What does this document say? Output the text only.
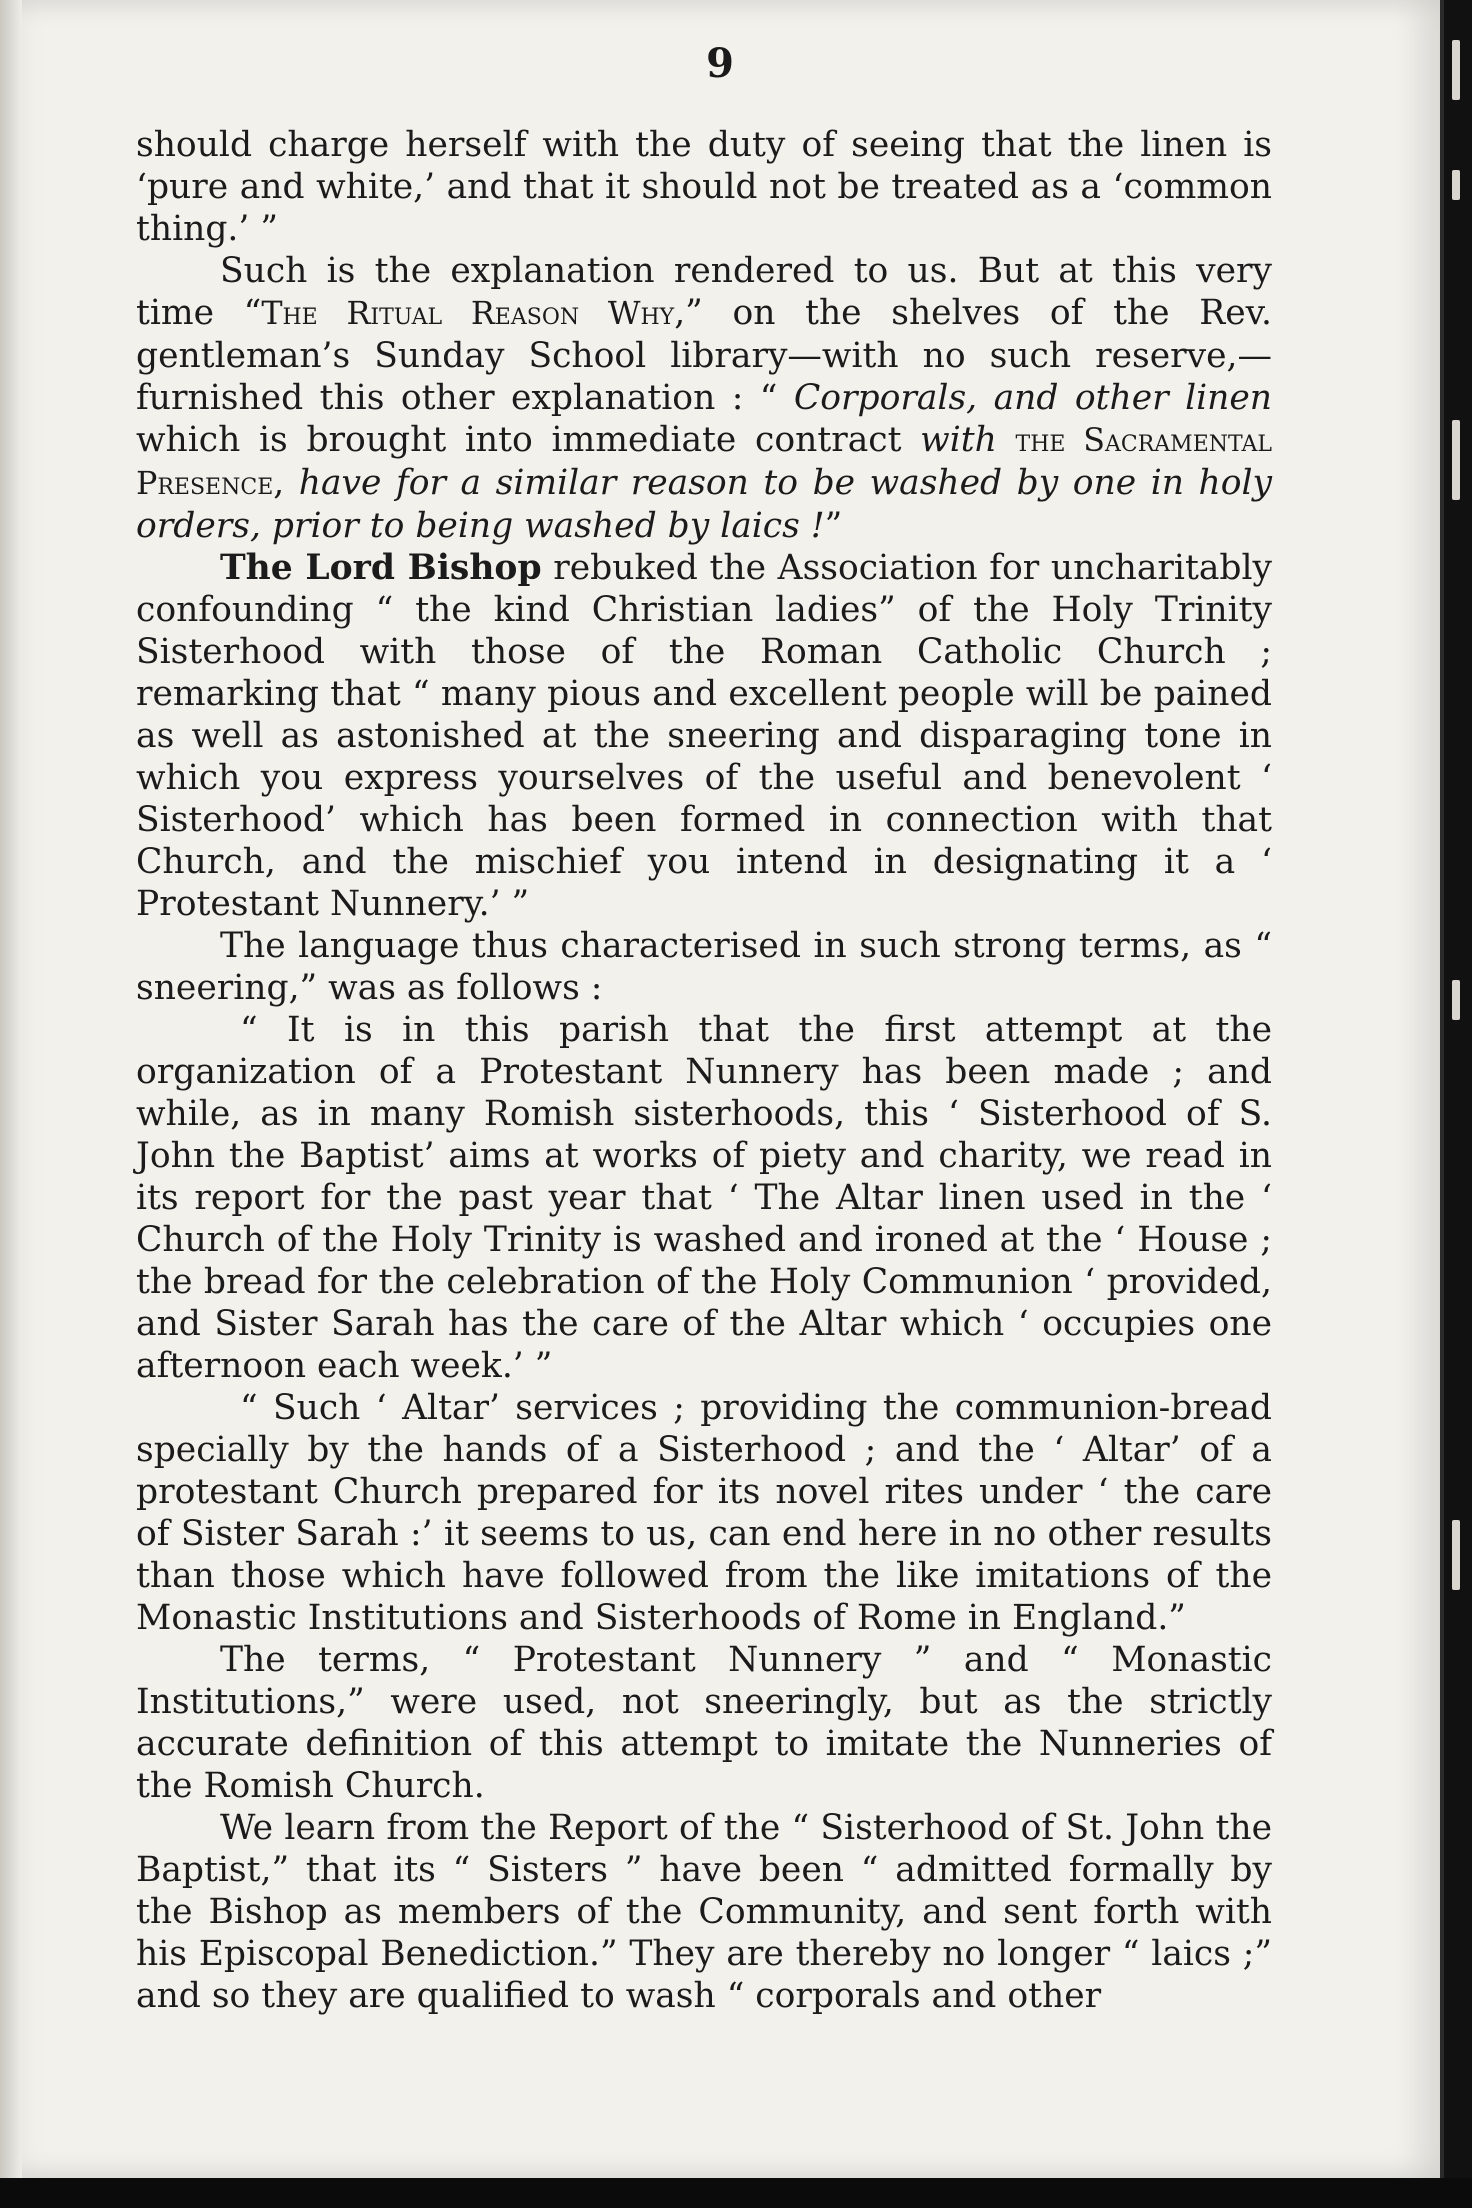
9

should charge herself with the duty of seeing that the linen is ‘pure and white,’ and that it should not be treated as a ‘common thing.’ ”

Such is the explanation rendered to us. But at this very time “The Ritual Reason Why,” on the shelves of the Rev. gentleman’s Sunday School library—with no such reserve,—furnished this other explanation : “ Corporals, and other linen which is brought into immediate contract with the Sacramental Presence, have for a similar reason to be washed by one in holy orders, prior to being washed by laics !”

The Lord Bishop rebuked the Association for uncharitably confounding “ the kind Christian ladies” of the Holy Trinity Sisterhood with those of the Roman Catholic Church ; remarking that “ many pious and excellent people will be pained as well as astonished at the sneering and disparaging tone in which you express yourselves of the useful and benevolent ‘ Sisterhood’ which has been formed in connection with that Church, and the mischief you intend in designating it a ‘ Protestant Nunnery.’ ”

The language thus characterised in such strong terms, as “ sneering,” was as follows :

“ It is in this parish that the first attempt at the organization of a Protestant Nunnery has been made ; and while, as in many Romish sisterhoods, this ‘ Sisterhood of S. John the Baptist’ aims at works of piety and charity, we read in its report for the past year that ‘ The Altar linen used in the ‘ Church of the Holy Trinity is washed and ironed at the ‘ House ; the bread for the celebration of the Holy Communion ‘ provided, and Sister Sarah has the care of the Altar which ‘ occupies one afternoon each week.’ ”

“ Such ‘ Altar’ services ; providing the communion-bread specially by the hands of a Sisterhood ; and the ‘ Altar’ of a protestant Church prepared for its novel rites under ‘ the care of Sister Sarah :’ it seems to us, can end here in no other results than those which have followed from the like imitations of the Monastic Institutions and Sisterhoods of Rome in England.”

The terms, “ Protestant Nunnery ” and “ Monastic Institutions,” were used, not sneeringly, but as the strictly accurate definition of this attempt to imitate the Nunneries of the Romish Church.

We learn from the Report of the “ Sisterhood of St. John the Baptist,” that its “ Sisters ” have been “ admitted formally by the Bishop as members of the Community, and sent forth with his Episcopal Benediction.” They are thereby no longer “ laics ;” and so they are qualified to wash “ corporals and other
